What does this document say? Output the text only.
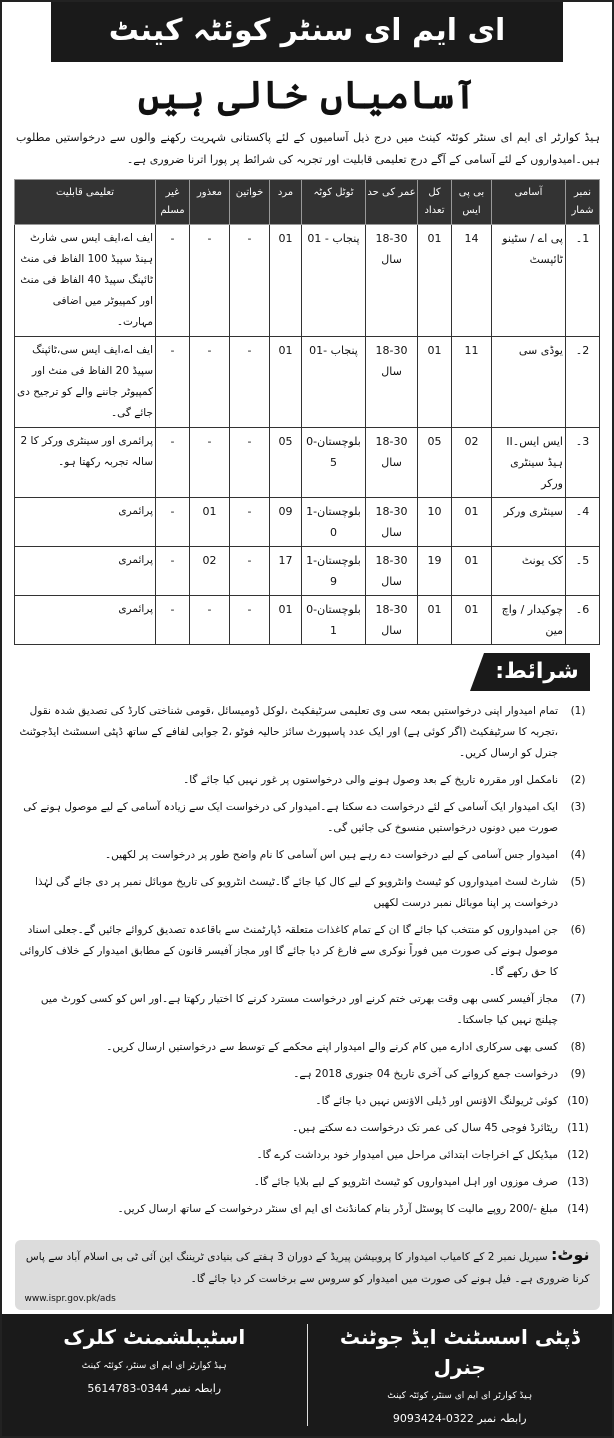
ای ایم ای سنٹر کوئٹہ کینٹ
آسامیاں خالی ہیں
ہیڈ کوارٹر ای ایم ای سنٹر کوئٹہ کینٹ میں درج ذیل آسامیوں کے لئے پاکستانی شہریت رکھنے والوں سے درخواستیں مطلوب ہیں۔امیدواروں کے لئے آسامی کے آگے درج تعلیمی قابلیت اور تجربہ کی شرائط پر پورا اترنا ضروری ہے۔
نمبر شمار	آسامی	بی پی ایس	کل تعداد	عمر کی حد	ٹوٹل کوٹہ	مرد	خواتین	معذور	غیر مسلم	تعلیمی قابلیت
1۔	پی اے / سٹینو ٹائپسٹ	14	01	18-30 سال	پنجاب - 01	01	-	-	-	ایف اے،ایف ایس سی شارٹ ہینڈ سپیڈ 100 الفاظ فی منٹ ٹائپنگ سپیڈ 40 الفاظ فی منٹ اور کمپیوٹر میں اضافی مہارت۔
2۔	یوڈی سی	11	01	18-30 سال	پنجاب -01	01	-	-	-	ایف اے،ایف ایس سی،ٹائپنگ سپیڈ 20 الفاظ فی منٹ اور کمپیوٹر جاننے والے کو ترجیح دی جائے گی۔
3۔	ایس ایس۔II ہیڈ سینٹری ورکر	02	05	18-30 سال	بلوچستان-05	05	-	-	-	پرائمری اور سینٹری ورکر کا 2 سالہ تجربہ رکھتا ہو۔
4۔	سینٹری ورکر	01	10	18-30 سال	بلوچستان-10	09	-	01	-	پرائمری
5۔	کک یونٹ	01	19	18-30 سال	بلوچستان-19	17	-	02	-	پرائمری
6۔	چوکیدار / واچ مین	01	01	18-30 سال	بلوچستان-01	01	-	-	-	پرائمری
شرائط:
(1)
تمام امیدوار اپنی درخواستیں بمعہ سی وی تعلیمی سرٹیفکیٹ ،لوکل ڈومیسائل ،قومی شناختی کارڈ کی تصدیق شدہ نقول ،تجربہ کا سرٹیفکیٹ (اگر کوئی ہے) اور ایک عدد پاسپورٹ سائز حالیہ فوٹو ،2 جوابی لفافے کے ساتھ ڈپٹی اسسٹنٹ ایڈجوٹنٹ جنرل کو ارسال کریں۔
(2)
نامکمل اور مقررہ تاریخ کے بعد وصول ہونے والی درخواستوں پر غور نہیں کیا جائے گا۔
(3)
ایک امیدوار ایک آسامی کے لئے درخواست دے سکتا ہے۔امیدوار کی درخواست ایک سے زیادہ آسامی کے لیے موصول ہونے کی صورت میں دونوں درخواستیں منسوخ کی جائیں گی۔
(4)
امیدوار جس آسامی کے لیے درخواست دے رہے ہیں اس آسامی کا نام واضح طور پر درخواست پر لکھیں۔
(5)
شارٹ لسٹ امیدواروں کو ٹیسٹ وانٹرویو کے لیے کال کیا جائے گا۔ٹیسٹ انٹرویو کی تاریخ موبائل نمبر پر دی جائے گی لہٰذا درخواست پر اپنا موبائل نمبر درست لکھیں
(6)
جن امیدواروں کو منتخب کیا جائے گا ان کے تمام کاغذات متعلقہ ڈپارٹمنٹ سے باقاعدہ تصدیق کروائے جائیں گے۔جعلی اسناد موصول ہونے کی صورت میں فوراً نوکری سے فارغ کر دیا جائے گا اور مجاز آفیسر قانون کے مطابق امیدوار کے خلاف کاروائی کا حق رکھے گا۔
(7)
مجاز آفیسر کسی بھی وقت بھرتی ختم کرنے اور درخواست مسترد کرنے کا اختیار رکھتا ہے۔اور اس کو کسی کورٹ میں چیلنج نہیں کیا جاسکتا۔
(8)
کسی بھی سرکاری ادارے میں کام کرنے والے امیدوار اپنے محکمے کے توسط سے درخواستیں ارسال کریں۔
(9)
درخواست جمع کروانے کی آخری تاریخ 04 جنوری 2018 ہے۔
(10)
کوئی ٹریولنگ الاؤنس اور ڈیلی الاؤنس نہیں دیا جائے گا۔
(11)
ریٹائرڈ فوجی 45 سال کی عمر تک درخواست دے سکتے ہیں۔
(12)
میڈیکل کے اخراجات ابتدائی مراحل میں امیدوار خود برداشت کرے گا۔
(13)
صرف موزوں اور اہل امیدواروں کو ٹیسٹ انٹرویو کے لیے بلایا جائے گا۔
(14)
مبلغ -/200 روپے مالیت کا پوسٹل آرڈر بنام کمانڈنٹ ای ایم ای سنٹر درخواست کے ساتھ ارسال کریں۔
نوٹ: سیریل نمبر 2 کے کامیاب امیدوار کا پروبیشن پیریڈ کے دوران 3 ہفتے کی بنیادی ٹریننگ این آئی ٹی بی اسلام آباد سے پاس کرنا ضروری ہے۔ فیل ہونے کی صورت میں امیدوار کو سروس سے برخاست کر دیا جائے گا۔
www.ispr.gov.pk/ads
ڈپٹی اسسٹنٹ ایڈ جوٹنٹ جنرل
ہیڈ کوارٹر ای ایم ای سنٹر، کوئٹہ کینٹ
رابطہ نمبر 0322-9093424
اسٹیبلشمنٹ کلرک
ہیڈ کوارٹر ای ایم ای سنٹر، کوئٹہ کینٹ
رابطہ نمبر 0344-5614783
